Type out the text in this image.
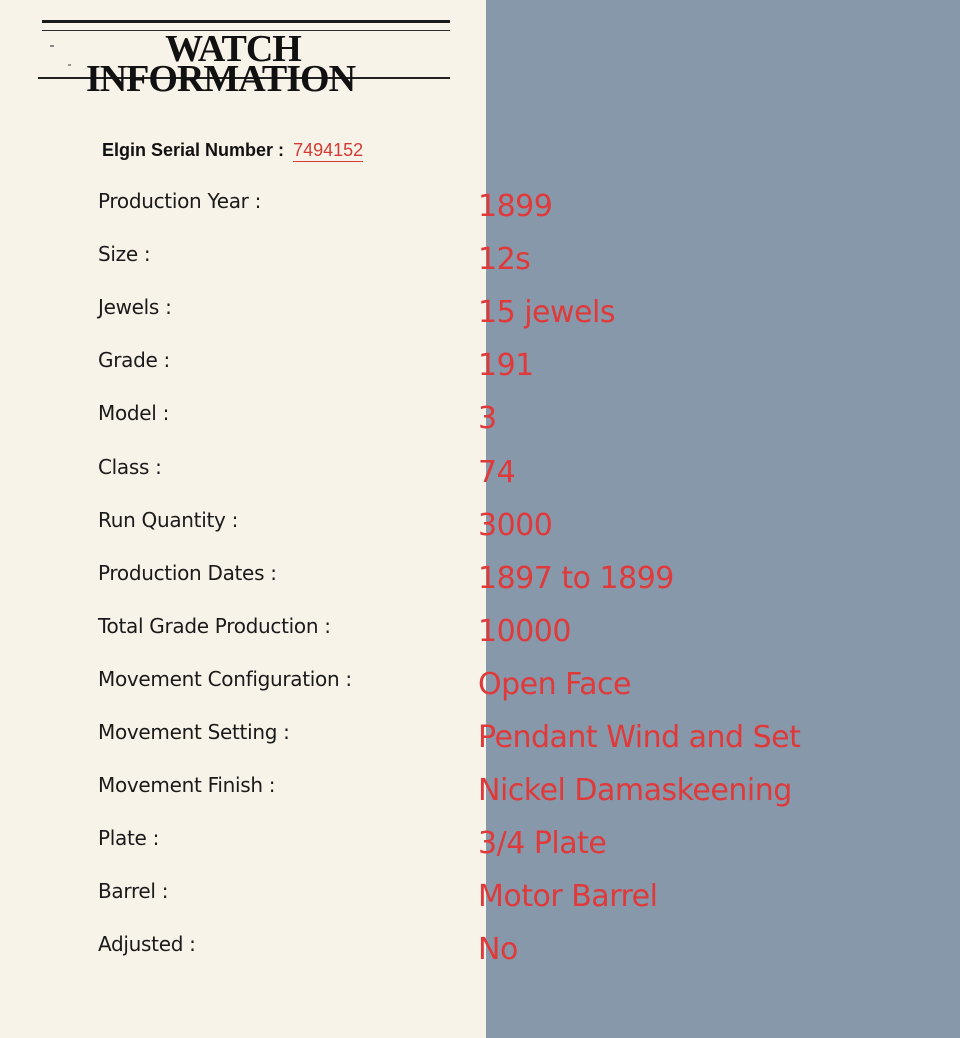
WATCH
INFORMATION
Elgin Serial Number : 7494152
Production Year :	1899
Size :	12s
Jewels :	15 jewels
Grade :	191
Model :	3
Class :	74
Run Quantity :	3000
Production Dates :	1897 to 1899
Total Grade Production :	10000
Movement Configuration :	Open Face
Movement Setting :	Pendant Wind and Set
Movement Finish :	Nickel Damaskeening
Plate :	3/4 Plate
Barrel :	Motor Barrel
Adjusted :	No
